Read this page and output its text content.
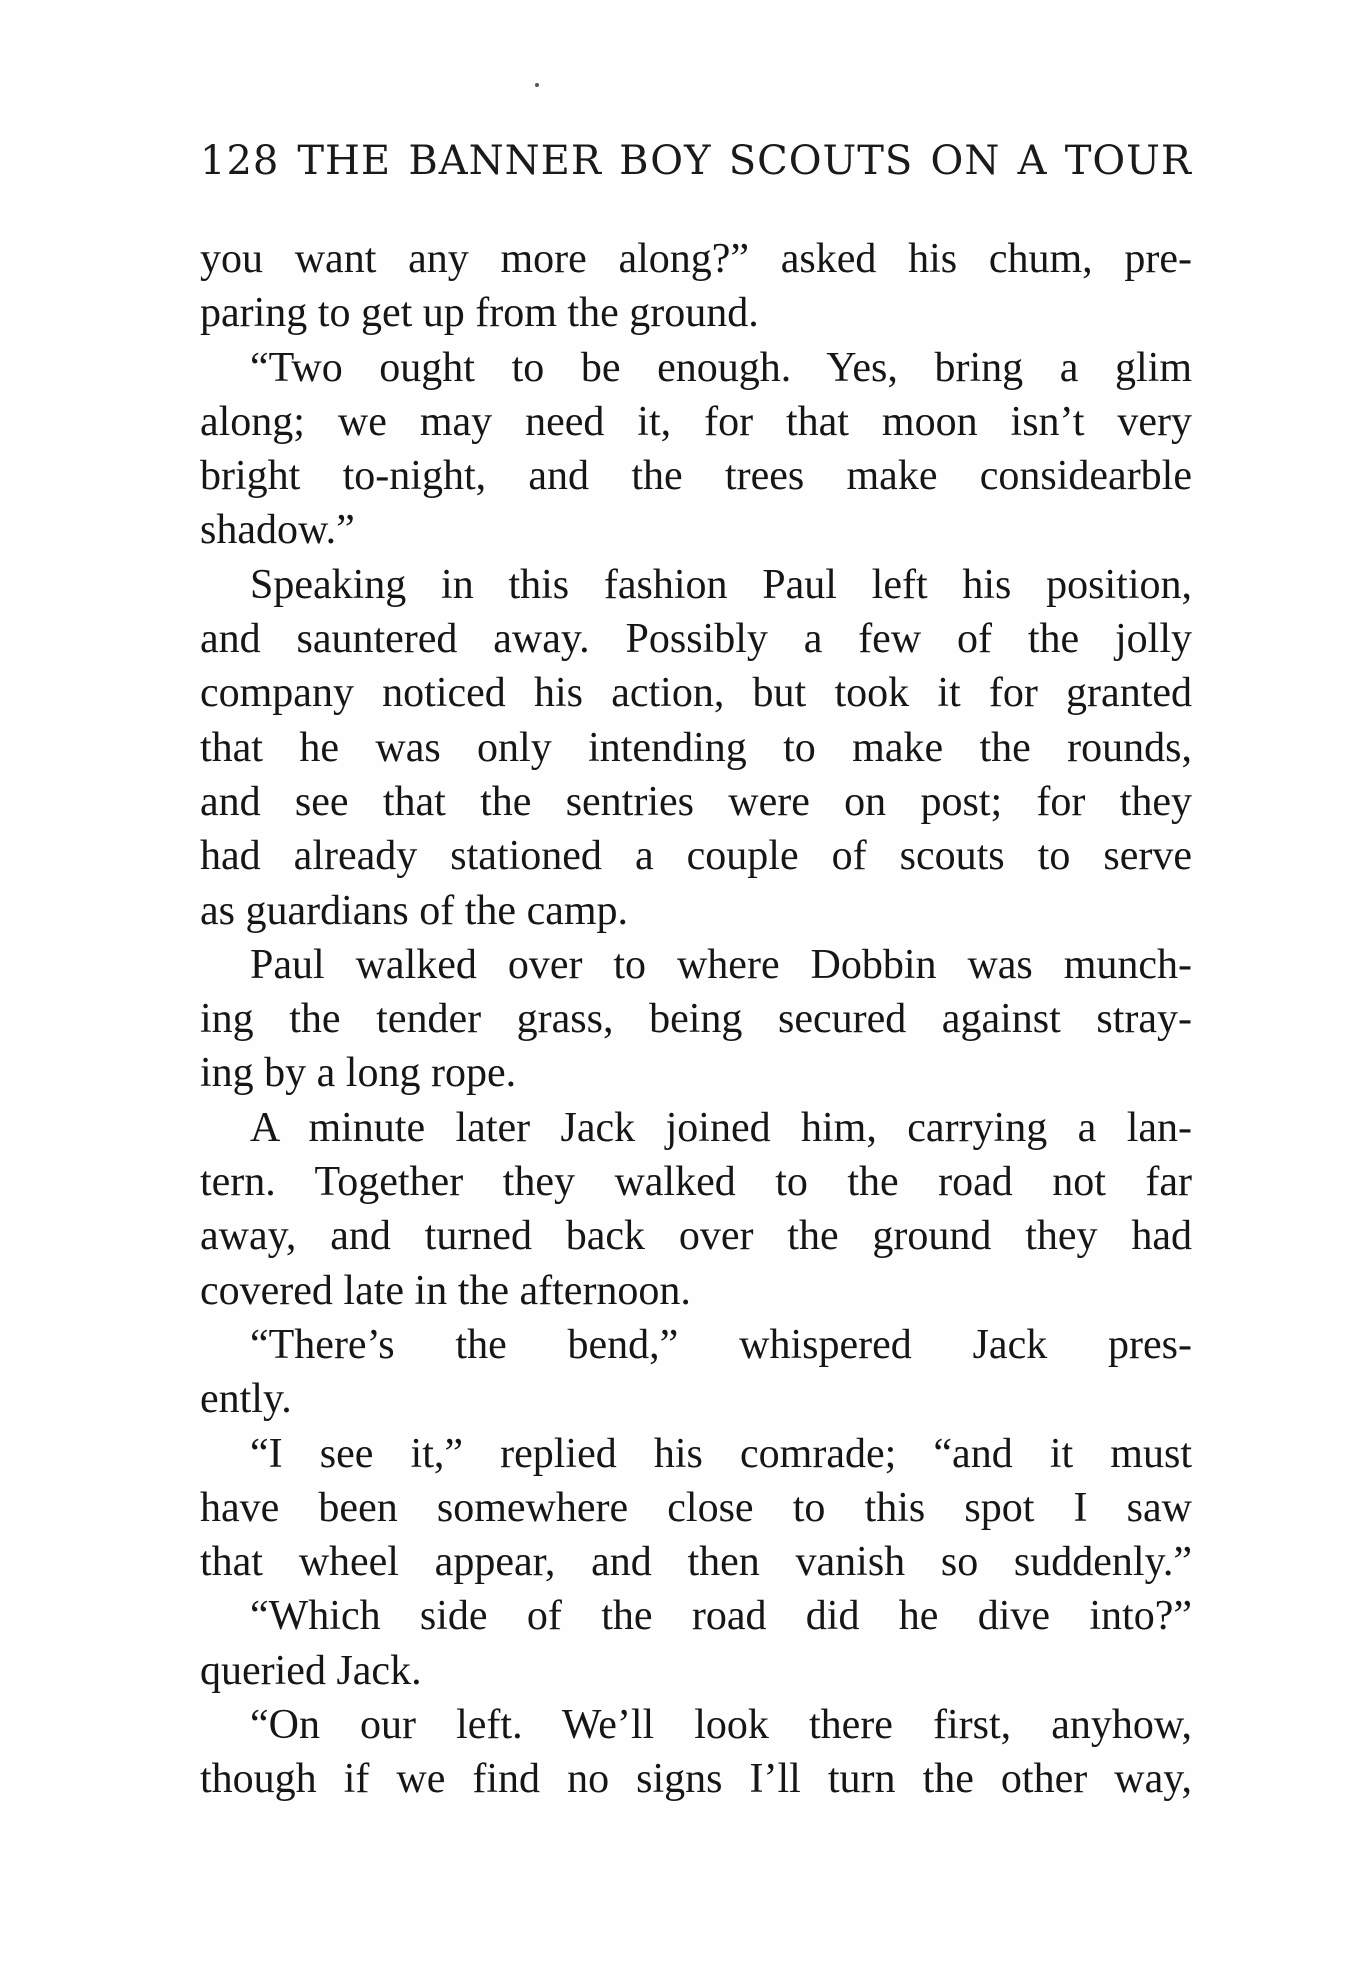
128 THE BANNER BOY SCOUTS ON A TOUR
you want any more along?” asked his chum, pre-
paring to get up from the ground.
“Two ought to be enough. Yes, bring a glim
along; we may need it, for that moon isn’t very
bright to-night, and the trees make considearble
shadow.”
Speaking in this fashion Paul left his position,
and sauntered away. Possibly a few of the jolly
company noticed his action, but took it for granted
that he was only intending to make the rounds,
and see that the sentries were on post; for they
had already stationed a couple of scouts to serve
as guardians of the camp.
Paul walked over to where Dobbin was munch-
ing the tender grass, being secured against stray-
ing by a long rope.
A minute later Jack joined him, carrying a lan-
tern. Together they walked to the road not far
away, and turned back over the ground they had
covered late in the afternoon.
“There’s the bend,” whispered Jack pres-
ently.
“I see it,” replied his comrade; “and it must
have been somewhere close to this spot I saw
that wheel appear, and then vanish so suddenly.”
“Which side of the road did he dive into?”
queried Jack.
“On our left. We’ll look there first, anyhow,
though if we find no signs I’ll turn the other way,
